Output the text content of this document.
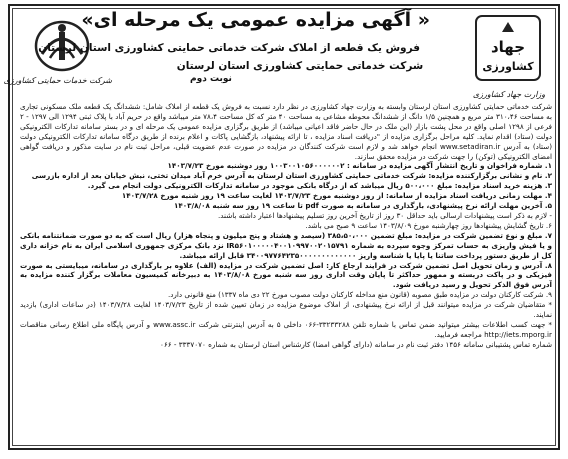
شرکت خدمات حمایتی کشاورزی
« آگهی مزایده عمومی یک مرحله ای»
فروش یک قطعه از املاک شرکت خدماتی حمایتی کشاورزی استان لرستان
شرکت خدماتی حمایتی کشاورزی استان لرستان
نوبت دوم
جهاد
کشاورزی
وزارت جهاد کشاورزی

شرکت خدماتی حمایتی کشاورزی استان لرستان وابسته به وزارت جهاد کشاورزی در نظر دارد نسبت به فروش یک قطعه از املاک شامل: ششدانگ یک قطعه ملک مسکونی تجاری به مساحت ۳۱۰،۴۶ متر مربع و همچنین ۱/۵ دانگ از ششدانگ محوطه مشاعی به مساحت ۴۰ متر که کل مساحت ۷۸،۴ متر میباشد واقع در حریم آباد با پلاک ثبتی ۱۲۹۴ الی ۱۲۹۷ - ۲ فرعی از ۱۲۹۸ اصلی واقع در محل پشت بازار (این ملک در حال حاضر فاقد اعیانی میباشد) از طریق برگزاری مزایده عمومی یک مرحله ای و در بستر سامانه تدارکات الکترونیکی دولت (ستاد) اقدام نماید. کلیه مراحل برگزاری مزایده از "دریافت اسناد مزایده ، تا ارائه پیشنهاد، بازگشایی پاکات و اعلام برنده از طریق درگاه سامانه تدارکات الکترونیکی دولت (ستاد) به آدرس www.setadiran.ir انجام خواهد شد و لازم است شرکت کنندگان در مزایده در صورت عدم عضویت قبلی، مراحل ثبت نام در سایت مذکور و دریافت گواهی امضای الکترونیکی (توکن) را جهت شرکت در مزایده محقق سازند.

۱. شماره فراخوان و تاریخ انتشار آگهی مزایده در سامانه : ۱۰۰۳۰۰۱۰۵۶۰۰۰۰۰۰۲ روز دوشنبه مورخ ۱۴۰۳/۷/۲۳

۲. نام و نشانی برگزارکننده مزایده: شرکت خدماتی حمایتی کشاورزی استان لرستان به آدرس خرم آباد میدان تختی، نبش خیابان بعد از اداره بازرسی

۳. هزینه خرید اسناد مزایده: مبلغ ۵۰۰،۰۰۰ ریال میباشد که از درگاه بانکی موجود در سامانه تدارکات الکترونیکی دولت انجام می گیرد.

۴. مهلت زمانی دریافت اسناد مزایده از سامانه: از روز دوشنبه مورخ ۱۴۰۳/۷/۲۳ لغایت ساعت ۱۹ روز شنبه مورخ ۱۴۰۳/۷/۲۸

۵. آخرین مهلت ارائه نرخ پیشنهادی، بارگذاری در سامانه به صورت pdf تا ساعت ۱۹ روز سه شنبه ۱۴۰۳/۸/۰۸

- لازم به ذکر است پیشنهادات ارسالی باید حداقل ۳۰ روز از تاریخ آخرین روز تسلیم پیشنهادها اعتبار داشته باشند.

۶. تاریخ گشایش پیشنهادها روز چهارشنبه مورخ ۱۴۰۳/۸/۰۹ ساعت ۹ صبح می باشد.

۷. مبلغ و نوع تضمین شرکت در مزایده: مبلغ تضمین ۳۸۵،۵۰،۰۰۰ (سیصد و هشتاد و پنج میلیون و پنجاه هزار) ریال است که به دو صورت ضمانتنامه بانکی و یا فیش واریزی به حساب تمرکز وجوه سپرده به شماره IR۵۶۰۱۰۰۰۰۰۴۰۰۱۰۹۹۷۰۰۲۰۱۵۷۹۱ نزد بانک مرکزی جمهوری اسلامی ایران به نام خزانه داری کل از طریق دستور پرداخت ساتنا یا پایا یا شناسه واریز ۳۴۰۰۹۷۷۶۴۲۳۵۰۰۰۰۰۰۰۰۰۰۰۰۰ قابل ارائه میباشد.

۸. آدرس و زمان تحویل اصل تضمین شرکت در فرایند ارجاع کار: اصل تضمین شرکت در مزایده (الف) علاوه بر بارگذاری در سامانه، میبایستی به صورت فیزیکی و در پاکت دربسته و ممهور حداکثر تا پایان وقت اداری روز سه شنبه مورخ ۱۴۰۳/۸/۰۸ به دبیرخانه کمیسیون معاملات برگزار کننده مزایده به آدرس فوق الذکر تحویل و رسید دریافت شود.

۹. شرکت کارکنان دولت در مزایده طبق مصوبه (قانون منع مداخله کارکنان دولت مصوب مورخ ۲۲ دی ماه ۱۳۳۷) منع قانونی دارد.

* متقاضیان شرکت در مزایده میتوانند قبل از ارائه نرخ پیشنهادی، از املاک موضوع مزایده در زمان تعیین شده از تاریخ ۱۴۰۳/۷/۲۳ لغایت ۱۴۰۳/۷/۲۸ (در ساعات اداری) بازدید نمایند.

* جهت کسب اطلاعات بیشتر میتوانید ضمن تماس با شماره تلفن ۳۳۲۳۳۲۸۸-۰۶۶ داخلی ۵ به آدرس اینترنتی شرکت www.assc.ir و آدرس پایگاه ملی اطلاع رسانی مناقصات http://iets.mporg.ir مراجعه فرمایید.

شماره تماس پشتیبانی سامانه ۱۴۵۶ دفتر ثبت نام در سامانه (دارای گواهی امضا) کارشناس استان لرستان به شماره ۳۳۳۷۰۷۰ - ۰۶۶
